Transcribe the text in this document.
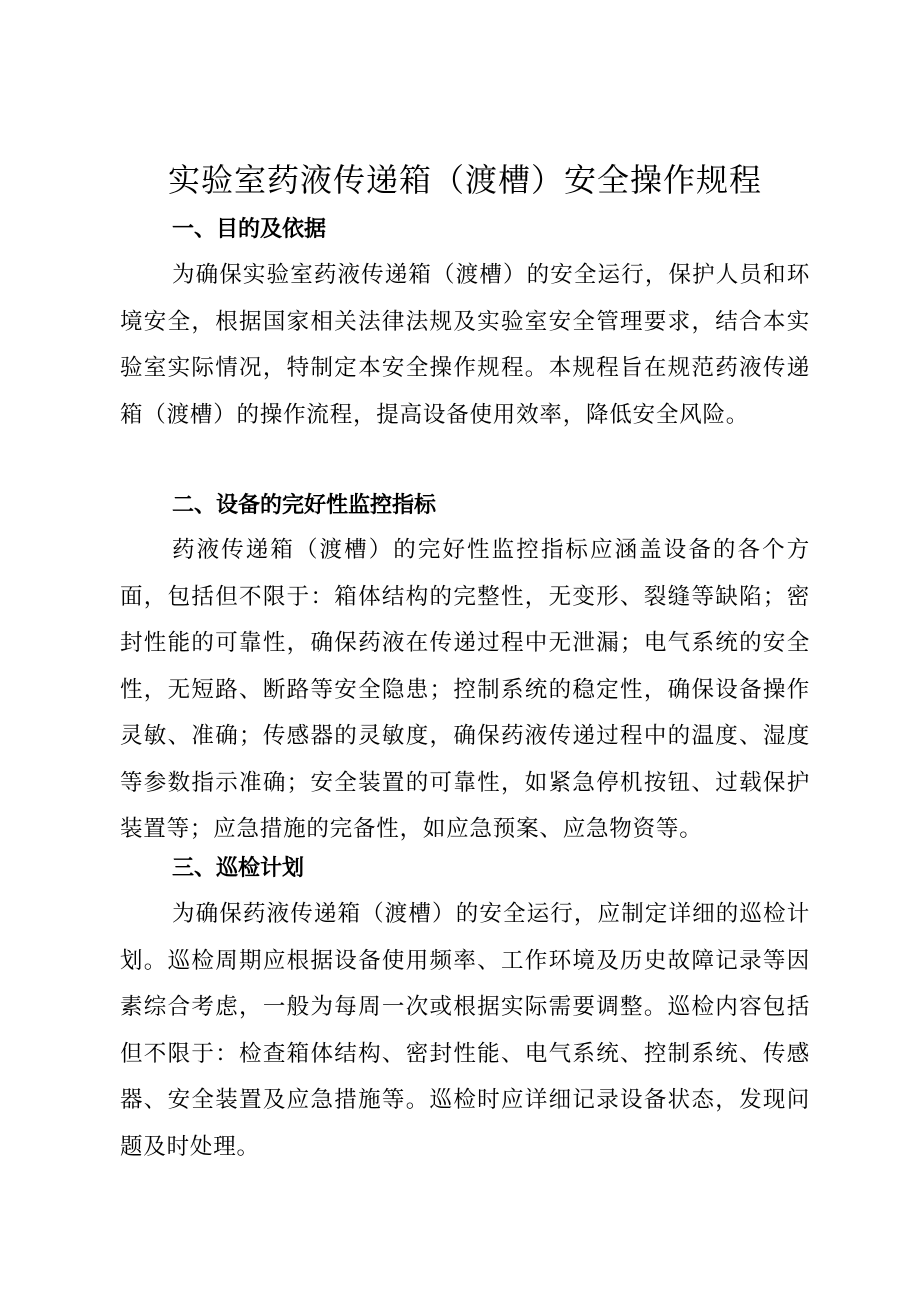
实验室药液传递箱（渡槽）安全操作规程
一、目的及依据

为确保实验室药液传递箱（渡槽）的安全运行，保护人员和环境安全，根据国家相关法律法规及实验室安全管理要求，结合本实验室实际情况，特制定本安全操作规程。本规程旨在规范药液传递箱（渡槽）的操作流程，提高设备使用效率，降低安全风险。

二、设备的完好性监控指标

药液传递箱（渡槽）的完好性监控指标应涵盖设备的各个方面，包括但不限于：箱体结构的完整性，无变形、裂缝等缺陷；密封性能的可靠性，确保药液在传递过程中无泄漏；电气系统的安全性，无短路、断路等安全隐患；控制系统的稳定性，确保设备操作灵敏、准确；传感器的灵敏度，确保药液传递过程中的温度、湿度等参数指示准确；安全装置的可靠性，如紧急停机按钮、过载保护装置等；应急措施的完备性，如应急预案、应急物资等。

三、巡检计划

为确保药液传递箱（渡槽）的安全运行，应制定详细的巡检计划。巡检周期应根据设备使用频率、工作环境及历史故障记录等因素综合考虑，一般为每周一次或根据实际需要调整。巡检内容包括但不限于：检查箱体结构、密封性能、电气系统、控制系统、传感器、安全装置及应急措施等。巡检时应详细记录设备状态，发现问题及时处理。
